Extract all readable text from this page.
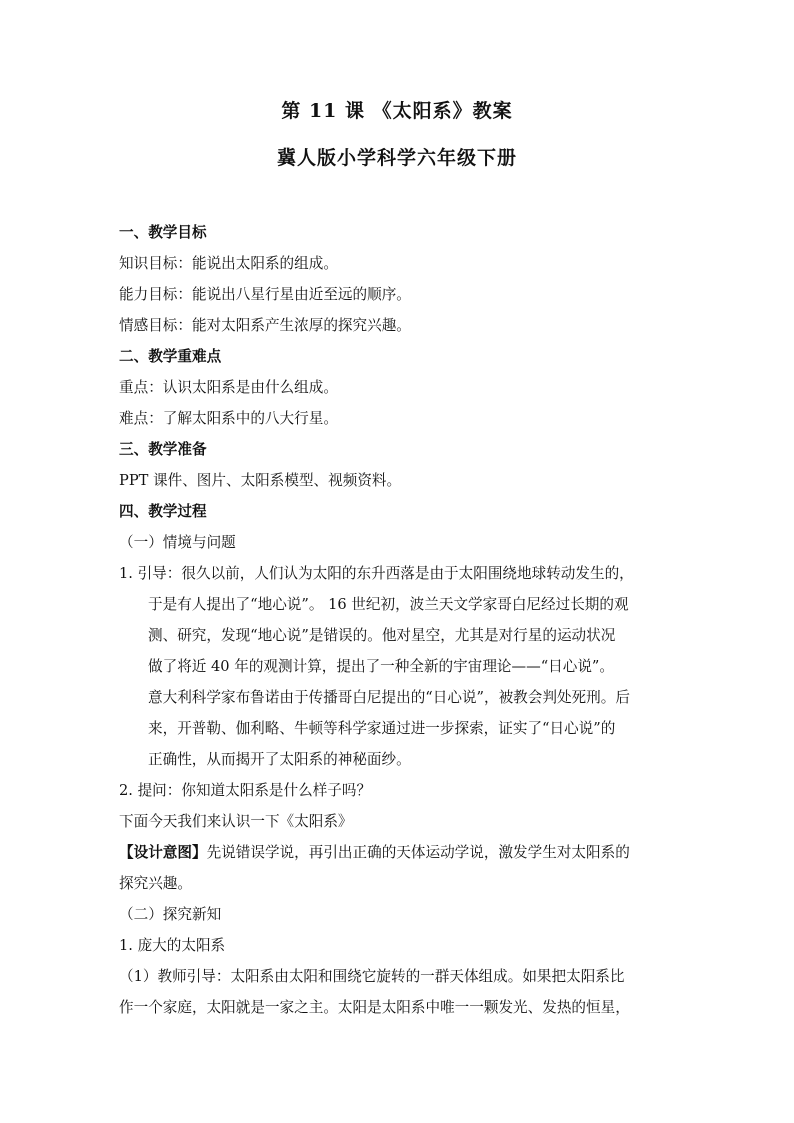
第 11 课 《太阳系》教案
冀人版小学科学六年级下册
一、教学目标
知识目标：能说出太阳系的组成。
能力目标：能说出八星行星由近至远的顺序。
情感目标：能对太阳系产生浓厚的探究兴趣。
二、教学重难点
重点：认识太阳系是由什么组成。
难点：了解太阳系中的八大行星。
三、教学准备
PPT 课件、图片、太阳系模型、视频资料。
四、教学过程
（一）情境与问题
1. 引导：很久以前，人们认为太阳的东升西落是由于太阳围绕地球转动发生的，
于是有人提出了“地心说”。 16 世纪初，波兰天文学家哥白尼经过长期的观
测、研究，发现“地心说”是错误的。他对星空，尤其是对行星的运动状况
做了将近 40 年的观测计算，提出了一种全新的宇宙理论——“日心说”。
意大利科学家布鲁诺由于传播哥白尼提出的“日心说”，被教会判处死刑。后
来，开普勒、伽利略、牛顿等科学家通过进一步探索，证实了“日心说”的
正确性，从而揭开了太阳系的神秘面纱。
2. 提问：你知道太阳系是什么样子吗？
下面今天我们来认识一下《太阳系》
【设计意图】先说错误学说，再引出正确的天体运动学说，激发学生对太阳系的
探究兴趣。
（二）探究新知
1. 庞大的太阳系
（1）教师引导：太阳系由太阳和围绕它旋转的一群天体组成。如果把太阳系比
作一个家庭，太阳就是一家之主。太阳是太阳系中唯一一颗发光、发热的恒星，
